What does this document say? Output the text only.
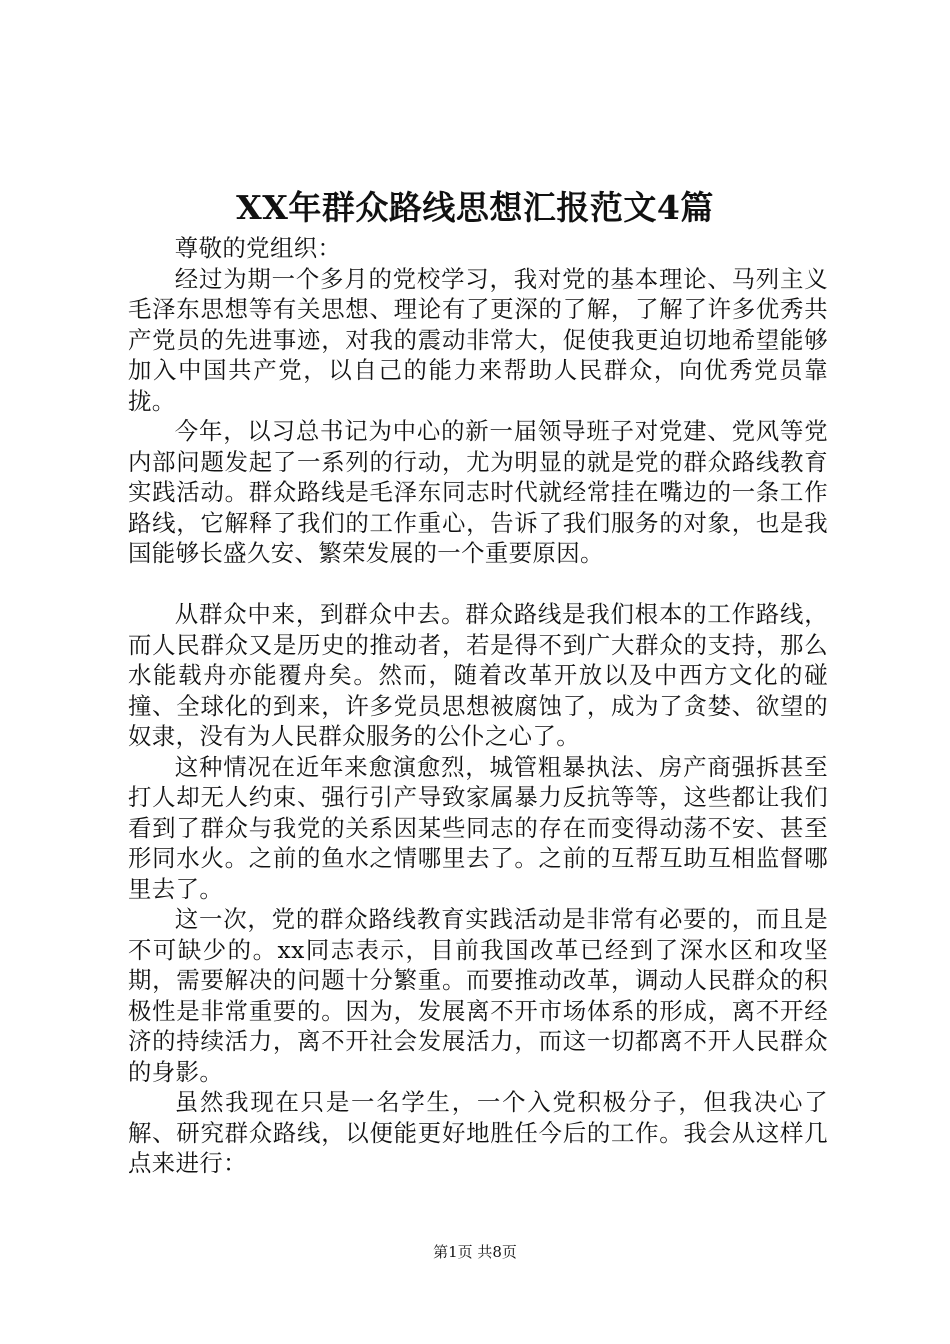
XX年群众路线思想汇报范文4篇

尊敬的党组织：

经过为期一个多月的党校学习，我对党的基本理论、马列主义毛泽东思想等有关思想、理论有了更深的了解，了解了许多优秀共产党员的先进事迹，对我的震动非常大，促使我更迫切地希望能够加入中国共产党，以自己的能力来帮助人民群众，向优秀党员靠拢。

今年，以习总书记为中心的新一届领导班子对党建、党风等党内部问题发起了一系列的行动，尤为明显的就是党的群众路线教育实践活动。群众路线是毛泽东同志时代就经常挂在嘴边的一条工作路线，它解释了我们的工作重心，告诉了我们服务的对象，也是我国能够长盛久安、繁荣发展的一个重要原因。

从群众中来，到群众中去。群众路线是我们根本的工作路线，而人民群众又是历史的推动者，若是得不到广大群众的支持，那么水能载舟亦能覆舟矣。然而，随着改革开放以及中西方文化的碰撞、全球化的到来，许多党员思想被腐蚀了，成为了贪婪、欲望的奴隶，没有为人民群众服务的公仆之心了。

这种情况在近年来愈演愈烈，城管粗暴执法、房产商强拆甚至打人却无人约束、强行引产导致家属暴力反抗等等，这些都让我们看到了群众与我党的关系因某些同志的存在而变得动荡不安、甚至形同水火。之前的鱼水之情哪里去了。之前的互帮互助互相监督哪里去了。

这一次，党的群众路线教育实践活动是非常有必要的，而且是不可缺少的。xx同志表示，目前我国改革已经到了深水区和攻坚期，需要解决的问题十分繁重。而要推动改革，调动人民群众的积极性是非常重要的。因为，发展离不开市场体系的形成，离不开经济的持续活力，离不开社会发展活力，而这一切都离不开人民群众的身影。

虽然我现在只是一名学生，一个入党积极分子，但我决心了解、研究群众路线，以便能更好地胜任今后的工作。我会从这样几点来进行：

第1页 共8页
